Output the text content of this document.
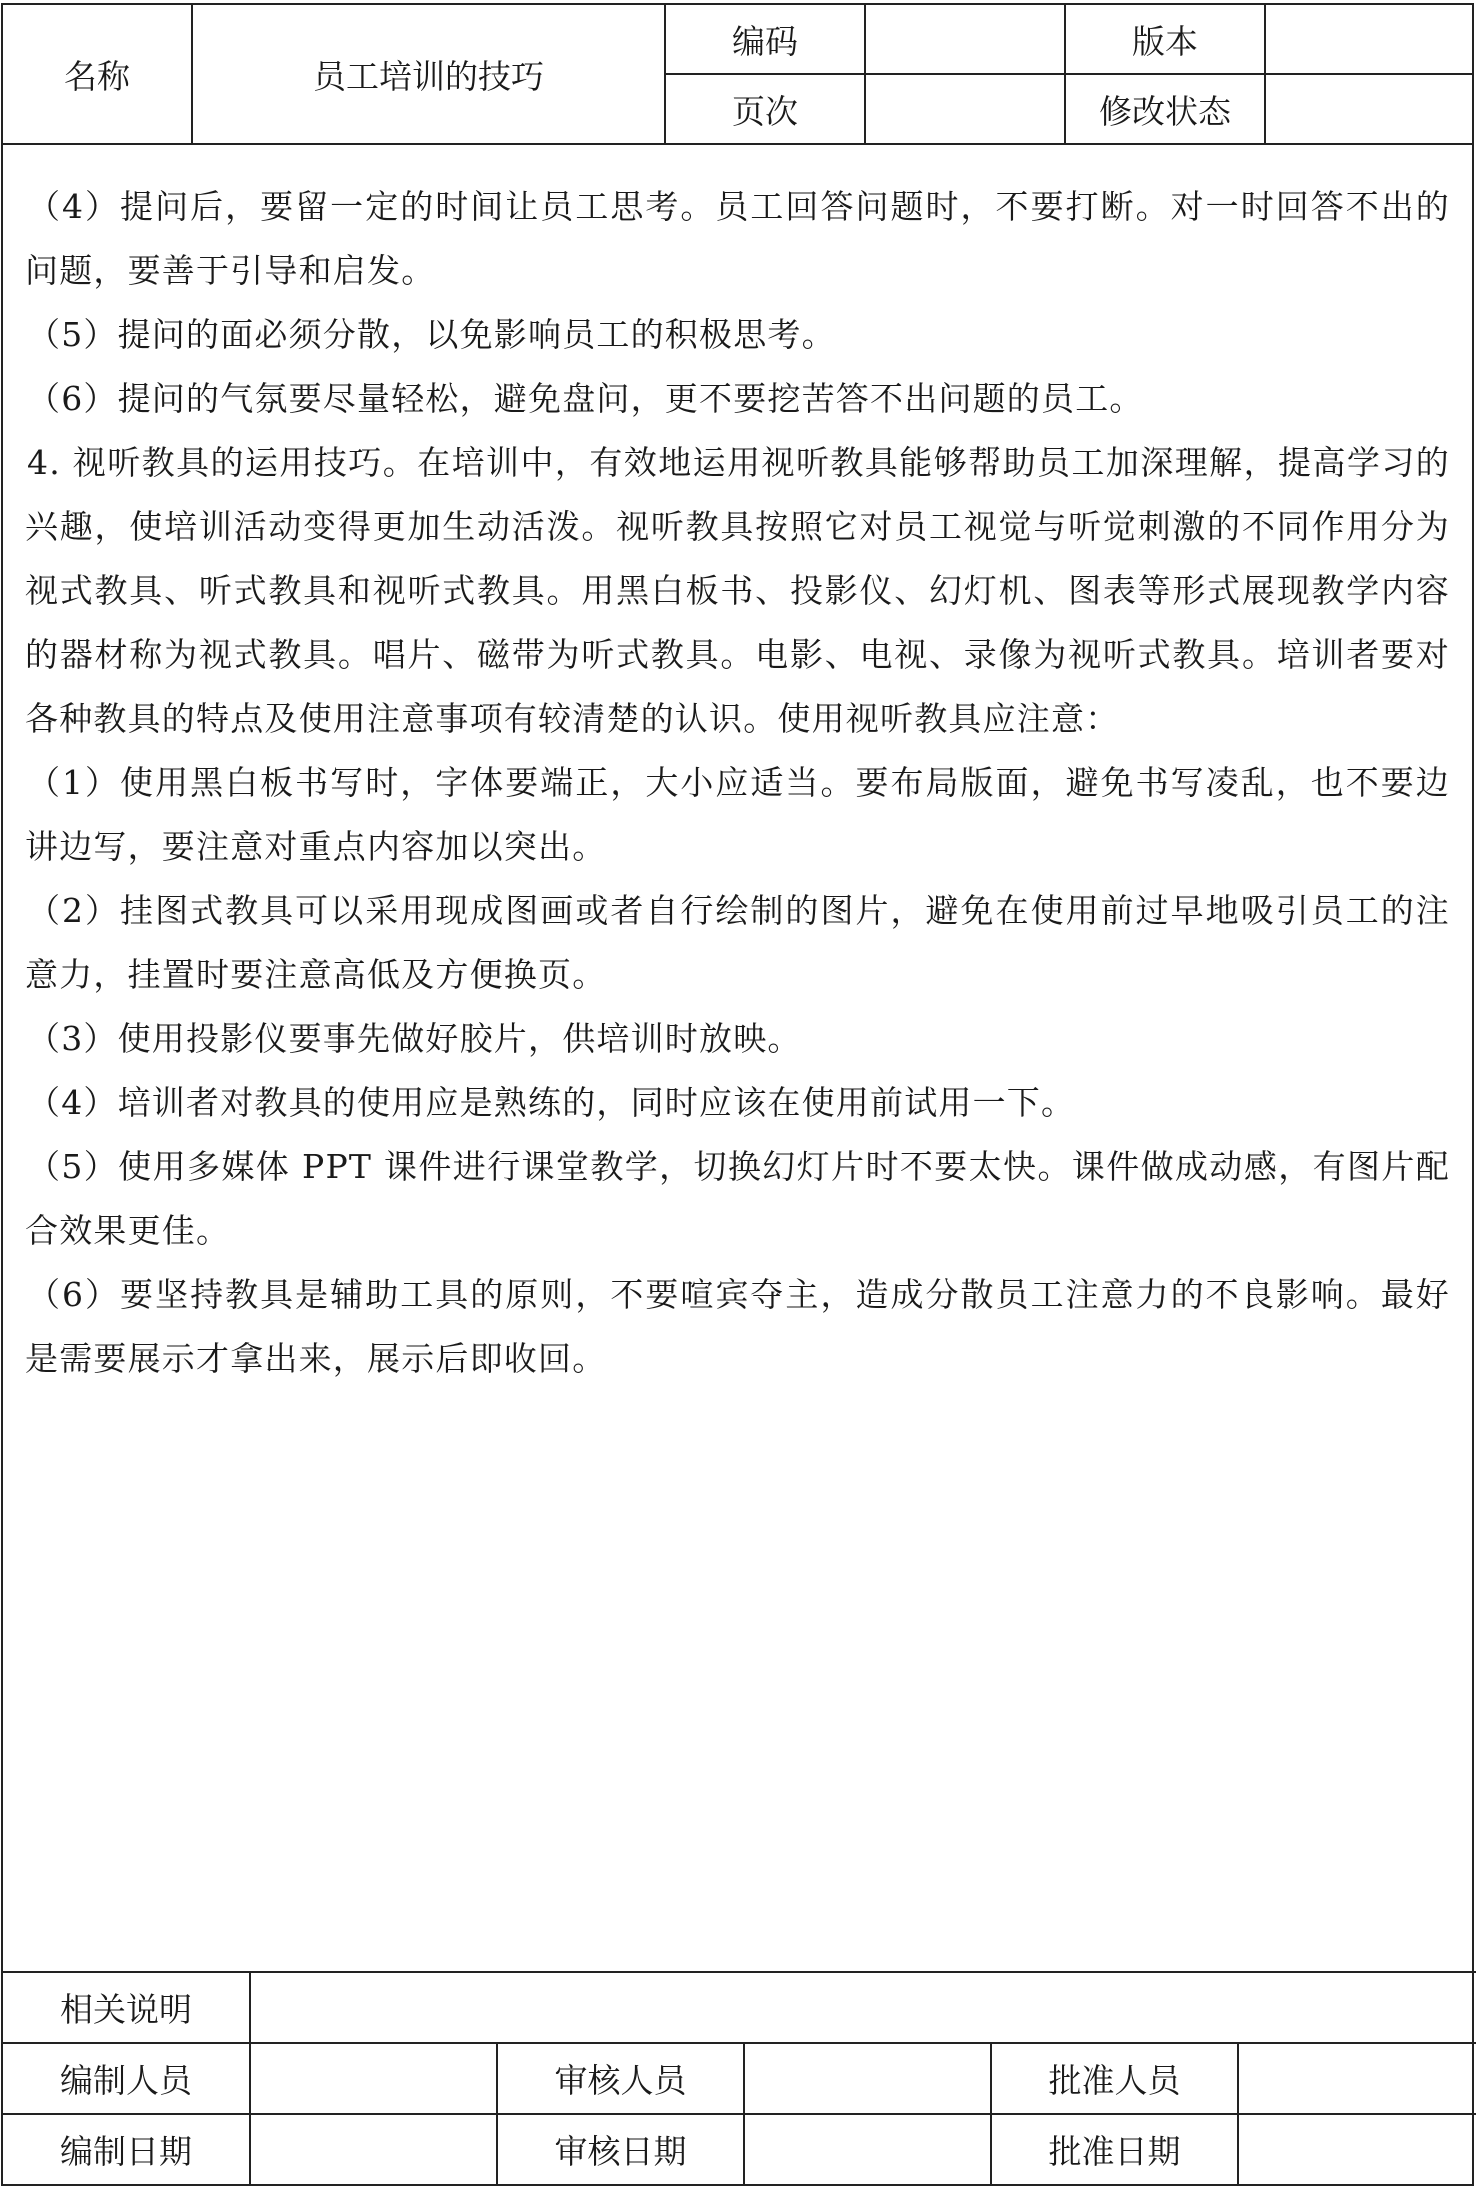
名称	员工培训的技巧	编码		版本	
		页次		修改状态	

（4）提问后，要留一定的时间让员工思考。员工回答问题时，不要打断。对一时回答不出的问题，要善于引导和启发。

（5）提问的面必须分散，以免影响员工的积极思考。

（6）提问的气氛要尽量轻松，避免盘问，更不要挖苦答不出问题的员工。

4. 视听教具的运用技巧。在培训中，有效地运用视听教具能够帮助员工加深理解，提高学习的兴趣，使培训活动变得更加生动活泼。视听教具按照它对员工视觉与听觉刺激的不同作用分为视式教具、听式教具和视听式教具。用黑白板书、投影仪、幻灯机、图表等形式展现教学内容的器材称为视式教具。唱片、磁带为听式教具。电影、电视、录像为视听式教具。培训者要对各种教具的特点及使用注意事项有较清楚的认识。使用视听教具应注意：

（1）使用黑白板书写时，字体要端正，大小应适当。要布局版面，避免书写凌乱，也不要边讲边写，要注意对重点内容加以突出。

（2）挂图式教具可以采用现成图画或者自行绘制的图片，避免在使用前过早地吸引员工的注意力，挂置时要注意高低及方便换页。

（3）使用投影仪要事先做好胶片，供培训时放映。

（4）培训者对教具的使用应是熟练的，同时应该在使用前试用一下。

（5）使用多媒体 PPT 课件进行课堂教学，切换幻灯片时不要太快。课件做成动感，有图片配合效果更佳。

（6）要坚持教具是辅助工具的原则，不要喧宾夺主，造成分散员工注意力的不良影响。最好是需要展示才拿出来，展示后即收回。

相关说明					
编制人员		审核人员		批准人员	
编制日期		审核日期		批准日期	
